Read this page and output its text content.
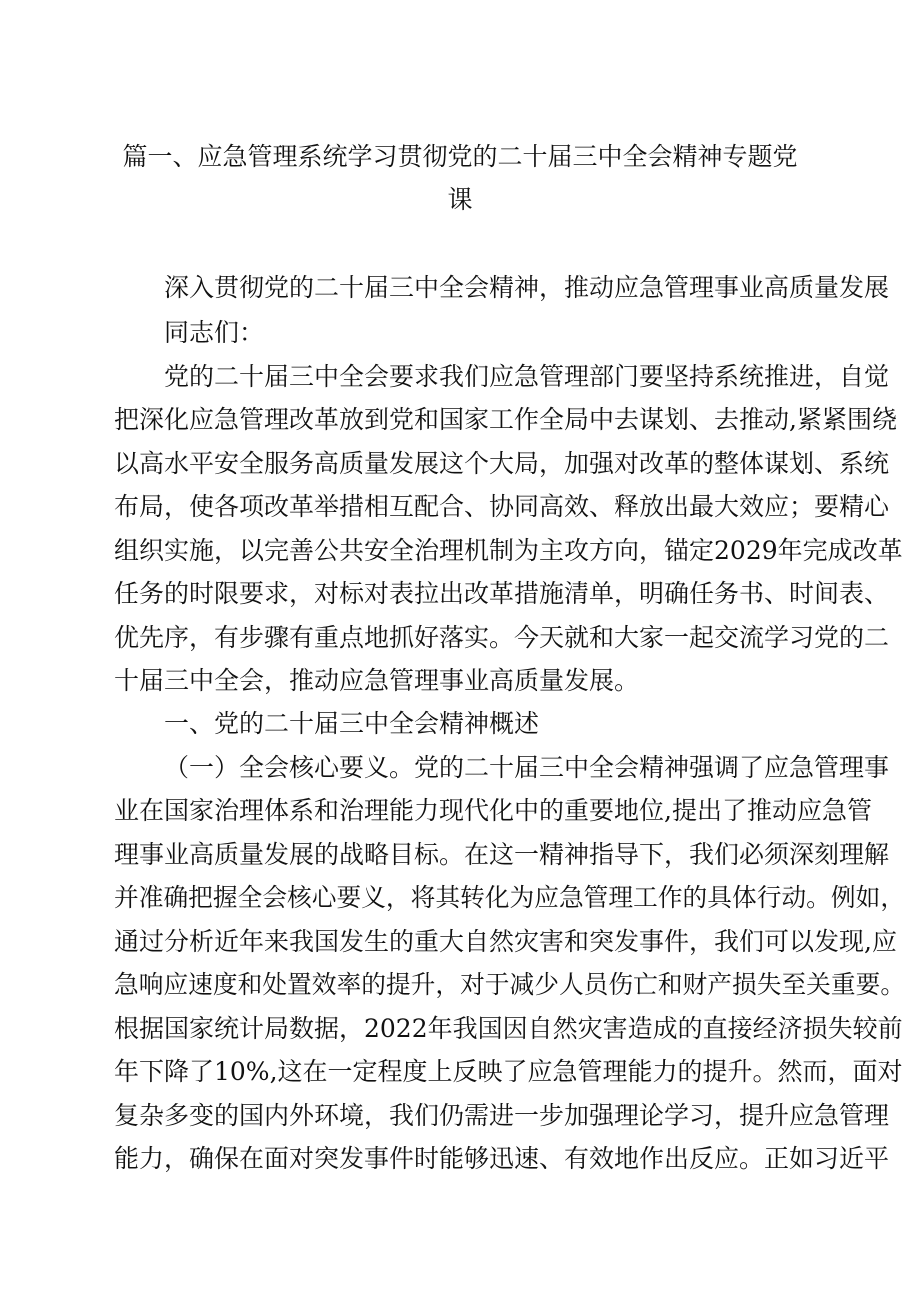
篇一、应急管理系统学习贯彻党的二十届三中全会精神专题党
课
深入贯彻党的二十届三中全会精神，推动应急管理事业高质量发展
同志们：
党的二十届三中全会要求我们应急管理部门要坚持系统推进，自觉
把深化应急管理改革放到党和国家工作全局中去谋划、去推动,紧紧围绕
以高水平安全服务高质量发展这个大局，加强对改革的整体谋划、系统
布局，使各项改革举措相互配合、协同高效、释放出最大效应；要精心
组织实施，以完善公共安全治理机制为主攻方向，锚定2029年完成改革
任务的时限要求，对标对表拉出改革措施清单，明确任务书、时间表、
优先序，有步骤有重点地抓好落实。今天就和大家一起交流学习党的二
十届三中全会，推动应急管理事业高质量发展。
一、党的二十届三中全会精神概述
（一）全会核心要义。党的二十届三中全会精神强调了应急管理事
业在国家治理体系和治理能力现代化中的重要地位,提出了推动应急管
理事业高质量发展的战略目标。在这一精神指导下，我们必须深刻理解
并准确把握全会核心要义，将其转化为应急管理工作的具体行动。例如，
通过分析近年来我国发生的重大自然灾害和突发事件，我们可以发现,应
急响应速度和处置效率的提升，对于减少人员伤亡和财产损失至关重要。
根据国家统计局数据，2022年我国因自然灾害造成的直接经济损失较前
年下降了10%,这在一定程度上反映了应急管理能力的提升。然而，面对
复杂多变的国内外环境，我们仍需进一步加强理论学习，提升应急管理
能力，确保在面对突发事件时能够迅速、有效地作出反应。正如习近平
